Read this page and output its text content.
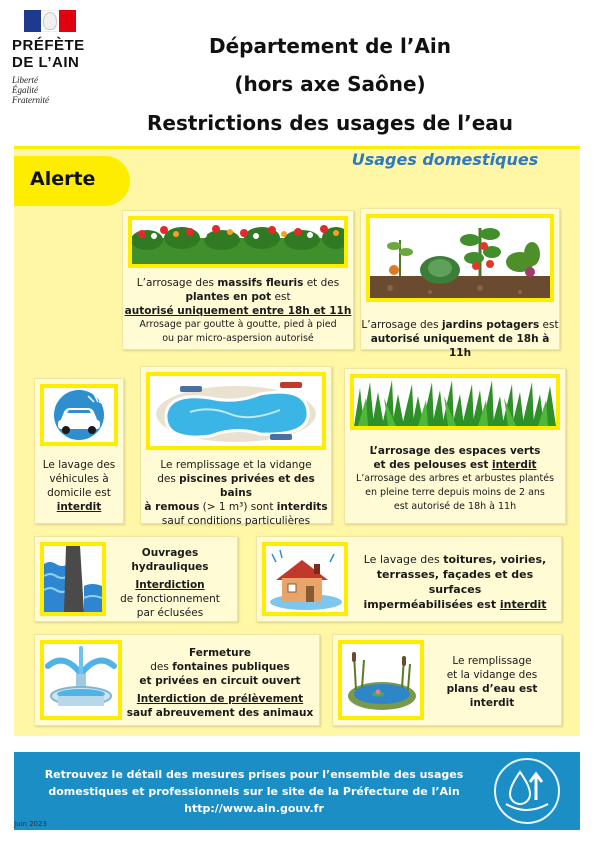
PRÉFÈTE
DE L’AIN
Liberté
Égalité
Fraternité
Département de l’Ain
(hors axe Saône)
Restrictions des usages de l’eau
Alerte
Usages domestiques
L’arrosage des massifs fleuris et des
plantes en pot est
autorisé uniquement entre 18h et 11h
Arrosage par goutte à goutte, pied à pied
ou par micro-aspersion autorisé
L’arrosage des jardins potagers est
autorisé uniquement de 18h à 11h
Le lavage des
véhicules à
domicile est
interdit
Le remplissage et la vidange
des piscines privées et des bains
à remous (> 1 m³) sont interdits
sauf conditions particulières
L’arrosage des espaces verts
et des pelouses est interdit
L’arrosage des arbres et arbustes plantés
en pleine terre depuis moins de 2 ans
est autorisé de 18h à 11h
Ouvrages hydrauliques
Interdiction
de fonctionnement
par éclusées
Le lavage des toitures, voiries,
terrasses, façades et des surfaces
imperméabilisées est interdit
Fermeture
des fontaines publiques
et privées en circuit ouvert
Interdiction de prélèvement
sauf abreuvement des animaux
Le remplissage
et la vidange des
plans d’eau est
interdit
Retrouvez le détail des mesures prises pour l’ensemble des usages
domestiques et professionnels sur le site de la Préfecture de l’Ain
http://www.ain.gouv.fr
Juin 2023
